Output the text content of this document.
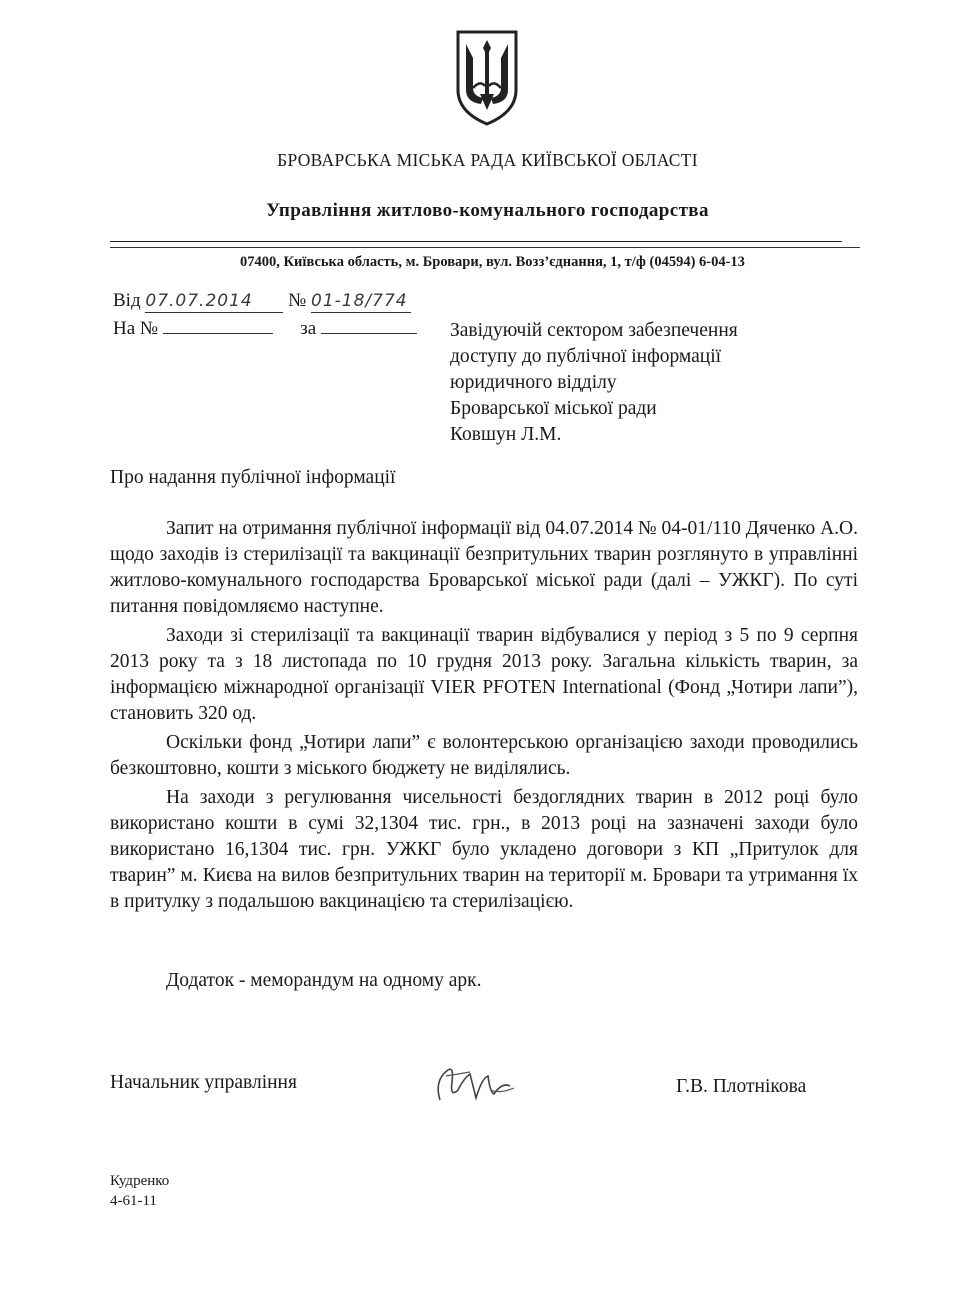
БРОВАРСЬКА МІСЬКА РАДА КИЇВСЬКОЇ ОБЛАСТІ
Управління житлово-комунального господарства
07400, Київська область, м. Бровари, вул. Возз’єднання, 1, т/ф (04594) 6-04-13
Від 07.07.2014 № 01-18/774
На №	за	Завідуючій сектором забезпечення
доступу до публічної інформації
юридичного відділу
Броварської міської ради
Ковшун Л.М.
Про надання публічної інформації

Запит на отримання публічної інформації від 04.07.2014 № 04-01/110 Дяченко А.О. щодо заходів із стерилізації та вакцинації безпритульних тварин розглянуто в управлінні житлово-комунального господарства Броварської міської ради (далі – УЖКГ). По суті питання повідомляємо наступне.

Заходи зі стерилізації та вакцинації тварин відбувалися у період з 5 по 9 серпня 2013 року та з 18 листопада по 10 грудня 2013 року. Загальна кількість тварин, за інформацією міжнародної організації VIER PFOTEN International (Фонд „Чотири лапи”), становить 320 од.

Оскільки фонд „Чотири лапи” є волонтерською організацією заходи проводились безкоштовно, кошти з міського бюджету не виділялись.

На заходи з регулювання чисельності бездоглядних тварин в 2012 році було використано кошти в сумі 32,1304 тис. грн., в 2013 році на зазначені заходи було використано 16,1304 тис. грн. УЖКГ було укладено договори з КП „Притулок для тварин” м. Києва на вилов безпритульних тварин на території м. Бровари та утримання їх в притулку з подальшою вакцинацією та стерилізацією.

Додаток - меморандум на одному арк.
Начальник управління	Г.В. Плотнікова
Кудренко
4-61-11
